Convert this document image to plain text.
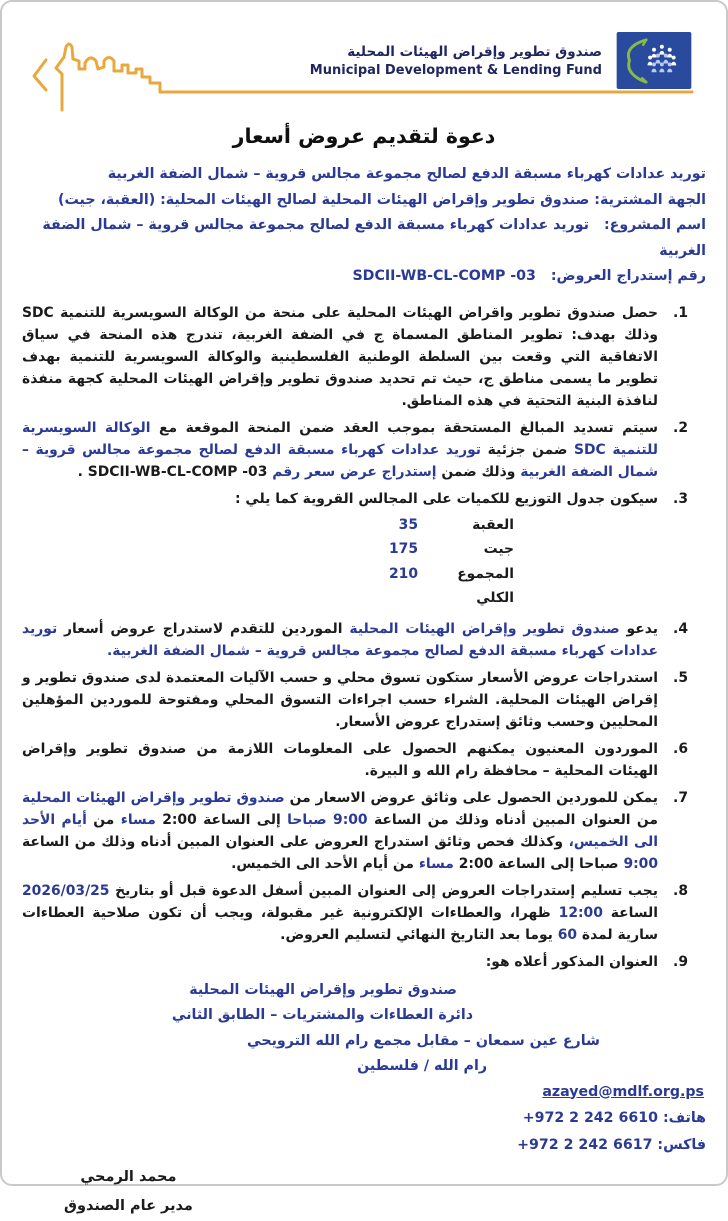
صندوق تطوير وإقراض الهيئات المحلية
Municipal Development & Lending Fund
دعوة لتقديم عروض أسعار
توريد عدادات كهرباء مسبقة الدفع لصالح مجموعة مجالس قروية – شمال الضفة الغربية
الجهة المشترية: صندوق تطوير وإقراض الهيئات المحلية لصالح الهيئات المحلية: (العقبة، جيت)
اسم المشروع: توريد عدادات كهرباء مسبقة الدفع لصالح مجموعة مجالس قروية – شمال الضفة الغربية
رقم إستدراج العروض: SDCII-WB-CL-COMP -03
1.
حصل صندوق تطوير واقراض الهيئات المحلية على منحة من الوكالة السويسرية للتنمية SDC وذلك بهدف: تطوير المناطق المسماة ج في الضفة الغربية، تندرج هذه المنحة في سياق الاتفاقية التي وقعت بين السلطة الوطنية الفلسطينية والوكالة السويسرية للتنمية بهدف تطوير ما يسمى مناطق ج، حيث تم تحديد صندوق تطوير وإقراض الهيئات المحلية كجهة منفذة لنافذة البنية التحتية في هذه المناطق.
2.
سيتم تسديد المبالغ المستحقة بموجب العقد ضمن المنحة الموقعة مع الوكالة السويسرية للتنمية SDC ضمن جزئية توريد عدادات كهرباء مسبقة الدفع لصالح مجموعة مجالس قروية – شمال الضفة الغربية وذلك ضمن إستدراج عرض سعر رقم SDCII-WB-CL-COMP -03 .
3.
سيكون جدول التوزيع للكميات على المجالس القروية كما يلي :
العقبة
35
جيت
175
المجموع الكلي
210
4.
يدعو صندوق تطوير وإقراض الهيئات المحلية الموردين للتقدم لاستدراج عروض أسعار توريد عدادات كهرباء مسبقة الدفع لصالح مجموعة مجالس قروية – شمال الضفة الغربية.
5.
استدراجات عروض الأسعار ستكون تسوق محلي و حسب الآليات المعتمدة لدى صندوق تطوير و إقراض الهيئات المحلية. الشراء حسب اجراءات التسوق المحلي ومفتوحة للموردين المؤهلين المحليين وحسب وثائق إستدراج عروض الأسعار.
6.
الموردون المعنيون يمكنهم الحصول على المعلومات اللازمة من صندوق تطوير وإقراض الهيئات المحلية – محافظة رام الله و البيرة.
7.
يمكن للموردين الحصول على وثائق عروض الاسعار من صندوق تطوير وإقراض الهيئات المحلية من العنوان المبين أدناه وذلك من الساعة 9:00 صباحا إلى الساعة 2:00 مساء من أيام الأحد الى الخميس، وكذلك فحص وثائق استدراج العروض على العنوان المبين أدناه وذلك من الساعة 9:00 صباحا إلى الساعة 2:00 مساء من أيام الأحد الى الخميس.
8.
يجب تسليم إستدراجات العروض إلى العنوان المبين أسفل الدعوة قبل أو بتاريخ 2026/03/25 الساعة 12:00 ظهرا، والعطاءات الإلكترونية غير مقبولة، ويجب أن تكون صلاحية العطاءات سارية لمدة 60 يوما بعد التاريخ النهائي لتسليم العروض.
9.
العنوان المذكور أعلاه هو:
صندوق تطوير وإقراض الهيئات المحلية
دائرة العطاءات والمشتريات – الطابق الثاني
شارع عين سمعان – مقابل مجمع رام الله الترويحي
رام الله / فلسطين
azayed@mdlf.org.ps
هاتف: +972 2 242 6610
فاكس: +972 2 242 6617
محمد الرمحي
مدير عام الصندوق
